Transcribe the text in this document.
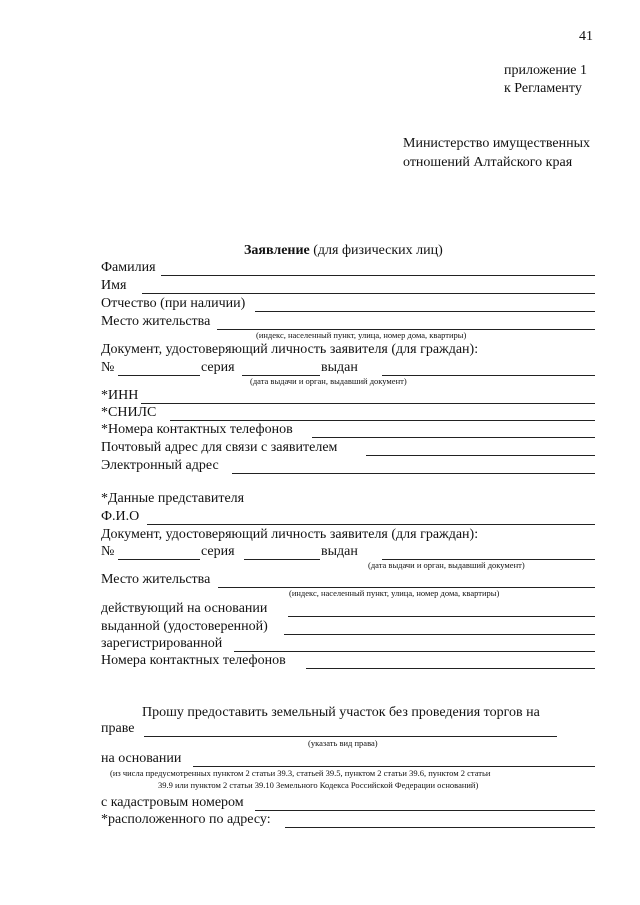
41
приложение 1
к Регламенту
Министерство имущественных
отношений Алтайского края
Заявление (для физических лиц)
Фамилия
Имя
Отчество (при наличии)
Место жительства
(индекс, населенный пункт, улица, номер дома, квартиры)
Документ, удостоверяющий личность заявителя (для граждан):
№	серия	выдан
(дата выдачи и орган, выдавший документ)
*ИНН
*СНИЛС
*Номера контактных телефонов
Почтовый адрес для связи с заявителем
Электронный адрес
*Данные представителя
Ф.И.О
Документ, удостоверяющий личность заявителя (для граждан):
№	серия	выдан
(дата выдачи и орган, выдавший документ)
Место жительства
(индекс, населенный пункт, улица, номер дома, квартиры)
действующий на основании
выданной (удостоверенной)
зарегистрированной
Номера контактных телефонов
Прошу предоставить земельный участок без проведения торгов на
праве
(указать вид права)
на основании
(из числа предусмотренных пунктом 2 статьи 39.3, статьей 39.5, пунктом 2 статьи 39.6, пунктом 2 статьи
39.9 или пунктом 2 статьи 39.10 Земельного Кодекса Российской Федерации оснований)
с кадастровым номером
*расположенного по адресу:
